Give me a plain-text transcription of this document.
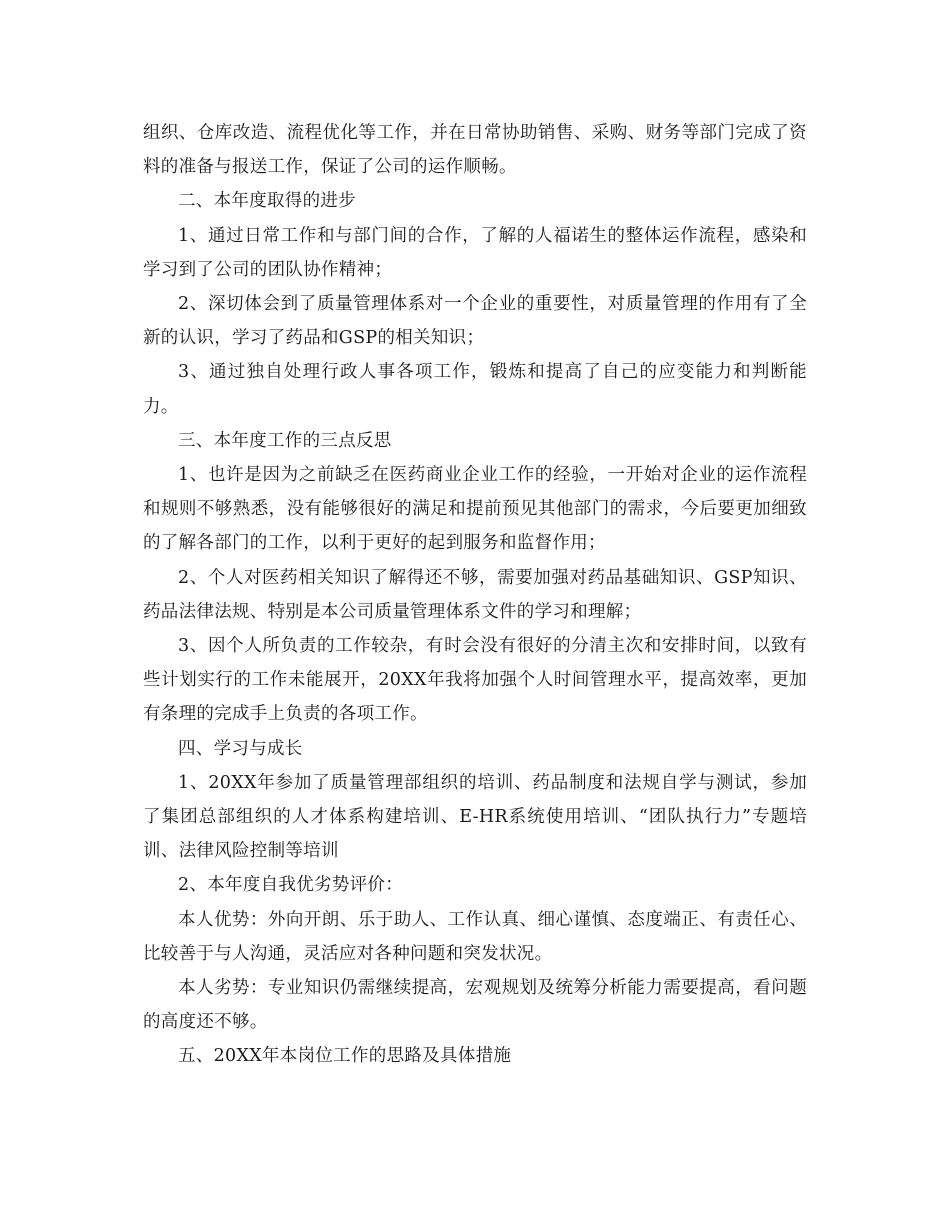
组织、仓库改造、流程优化等工作，并在日常协助销售、采购、财务等部门完成了资料的准备与报送工作，保证了公司的运作顺畅。

二、本年度取得的进步

1、通过日常工作和与部门间的合作，了解的人福诺生的整体运作流程，感染和学习到了公司的团队协作精神；

2、深切体会到了质量管理体系对一个企业的重要性，对质量管理的作用有了全新的认识，学习了药品和GSP的相关知识；

3、通过独自处理行政人事各项工作，锻炼和提高了自己的应变能力和判断能力。

三、本年度工作的三点反思

1、也许是因为之前缺乏在医药商业企业工作的经验，一开始对企业的运作流程和规则不够熟悉，没有能够很好的满足和提前预见其他部门的需求，今后要更加细致的了解各部门的工作，以利于更好的起到服务和监督作用；

2、个人对医药相关知识了解得还不够，需要加强对药品基础知识、GSP知识、药品法律法规、特别是本公司质量管理体系文件的学习和理解；

3、因个人所负责的工作较杂，有时会没有很好的分清主次和安排时间，以致有些计划实行的工作未能展开，20XX年我将加强个人时间管理水平，提高效率，更加有条理的完成手上负责的各项工作。

四、学习与成长

1、20XX年参加了质量管理部组织的培训、药品制度和法规自学与测试，参加了集团总部组织的人才体系构建培训、E-HR系统使用培训、“团队执行力”专题培训、法律风险控制等培训

2、本年度自我优劣势评价：

本人优势：外向开朗、乐于助人、工作认真、细心谨慎、态度端正、有责任心、比较善于与人沟通，灵活应对各种问题和突发状况。

本人劣势：专业知识仍需继续提高，宏观规划及统筹分析能力需要提高，看问题的高度还不够。

五、20XX年本岗位工作的思路及具体措施
